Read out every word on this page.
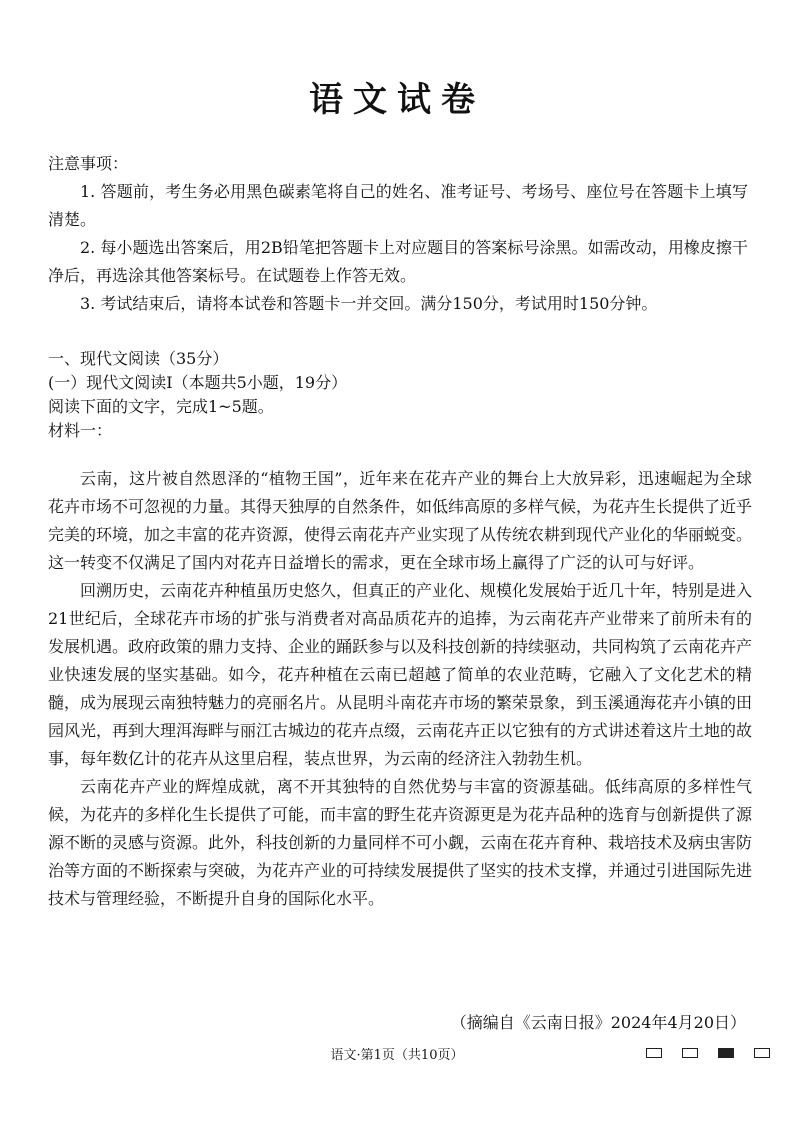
语文试卷
注意事项：

1. 答题前，考生务必用黑色碳素笔将自己的姓名、准考证号、考场号、座位号在答题卡上填写清楚。

2. 每小题选出答案后，用2B铅笔把答题卡上对应题目的答案标号涂黑。如需改动，用橡皮擦干净后，再选涂其他答案标号。在试题卷上作答无效。

3. 考试结束后，请将本试卷和答题卡一并交回。满分150分，考试用时150分钟。

一、现代文阅读（35分）
(一）现代文阅读Ⅰ（本题共5小题，19分）
阅读下面的文字，完成1~5题。
材料一：

云南，这片被自然恩泽的“植物王国”，近年来在花卉产业的舞台上大放异彩，迅速崛起为全球花卉市场不可忽视的力量。其得天独厚的自然条件，如低纬高原的多样气候，为花卉生长提供了近乎完美的环境，加之丰富的花卉资源，使得云南花卉产业实现了从传统农耕到现代产业化的华丽蜕变。这一转变不仅满足了国内对花卉日益增长的需求，更在全球市场上赢得了广泛的认可与好评。

回溯历史，云南花卉种植虽历史悠久，但真正的产业化、规模化发展始于近几十年，特别是进入21世纪后，全球花卉市场的扩张与消费者对高品质花卉的追捧，为云南花卉产业带来了前所未有的发展机遇。政府政策的鼎力支持、企业的踊跃参与以及科技创新的持续驱动，共同构筑了云南花卉产业快速发展的坚实基础。如今，花卉种植在云南已超越了简单的农业范畴，它融入了文化艺术的精髓，成为展现云南独特魅力的亮丽名片。从昆明斗南花卉市场的繁荣景象，到玉溪通海花卉小镇的田园风光，再到大理洱海畔与丽江古城边的花卉点缀，云南花卉正以它独有的方式讲述着这片土地的故事，每年数亿计的花卉从这里启程，装点世界，为云南的经济注入勃勃生机。

云南花卉产业的辉煌成就，离不开其独特的自然优势与丰富的资源基础。低纬高原的多样性气候，为花卉的多样化生长提供了可能，而丰富的野生花卉资源更是为花卉品种的选育与创新提供了源源不断的灵感与资源。此外，科技创新的力量同样不可小觑，云南在花卉育种、栽培技术及病虫害防治等方面的不断探索与突破，为花卉产业的可持续发展提供了坚实的技术支撑，并通过引进国际先进技术与管理经验，不断提升自身的国际化水平。

（摘编自《云南日报》2024年4月20日）
语文·第1页（共10页）
